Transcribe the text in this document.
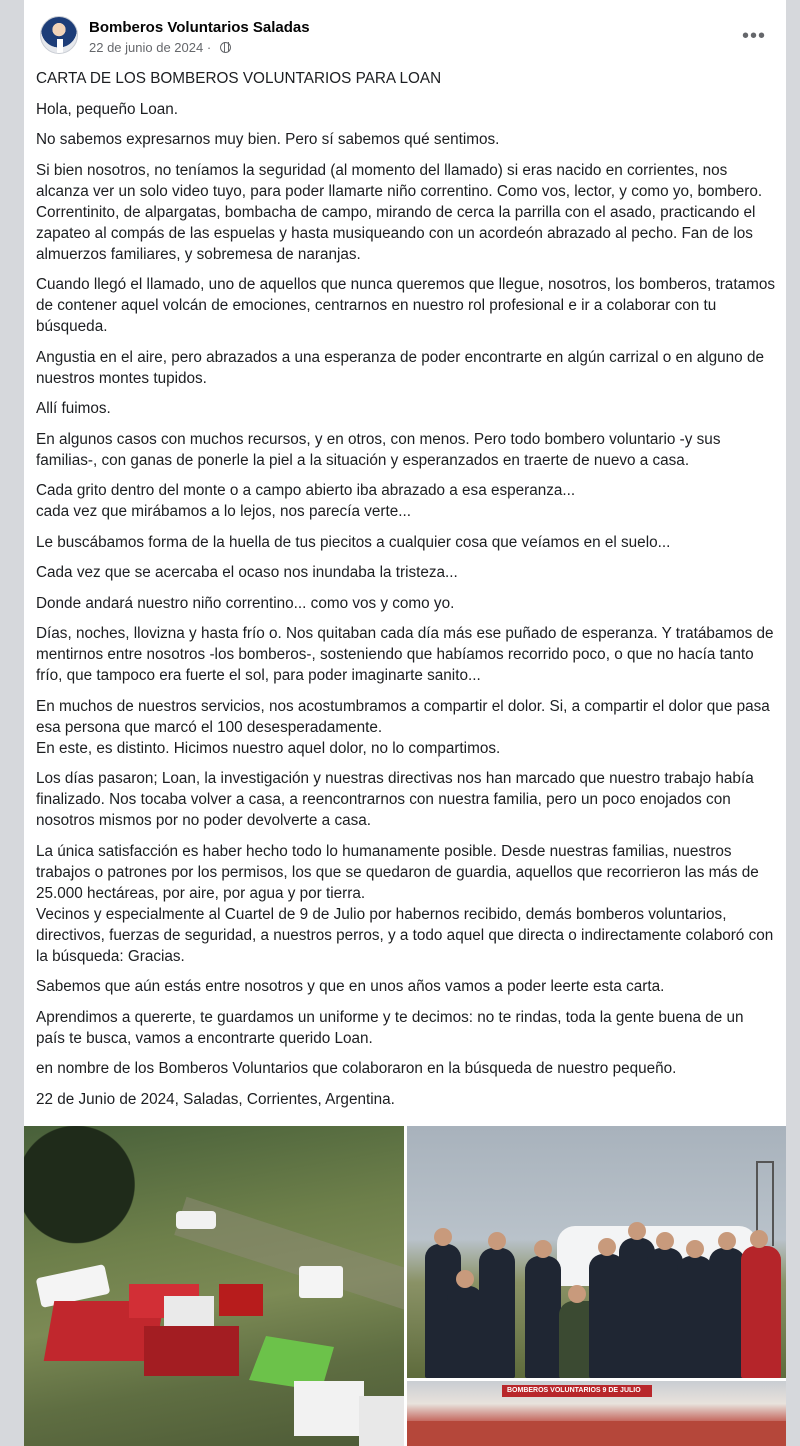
Bomberos Voluntarios Saladas
22 de junio de 2024 ·
•••

CARTA DE LOS BOMBEROS VOLUNTARIOS PARA LOAN

Hola, pequeño Loan.

No sabemos expresarnos muy bien. Pero sí sabemos qué sentimos.

Si bien nosotros, no teníamos la seguridad (al momento del llamado) si eras nacido en corrientes, nos alcanza ver un solo video tuyo, para poder llamarte niño correntino. Como vos, lector, y como yo, bombero. Correntinito, de alpargatas, bombacha de campo, mirando de cerca la parrilla con el asado, practicando el zapateo al compás de las espuelas y hasta musiqueando con un acordeón abrazado al pecho. Fan de los almuerzos familiares, y sobremesa de naranjas.

Cuando llegó el llamado, uno de aquellos que nunca queremos que llegue, nosotros, los bomberos, tratamos de contener aquel volcán de emociones, centrarnos en nuestro rol profesional e ir a colaborar con tu búsqueda.

Angustia en el aire, pero abrazados a una esperanza de poder encontrarte en algún carrizal o en alguno de nuestros montes tupidos.

Allí fuimos.

En algunos casos con muchos recursos, y en otros, con menos. Pero todo bombero voluntario -y sus familias-, con ganas de ponerle la piel a la situación y esperanzados en traerte de nuevo a casa.

Cada grito dentro del monte o a campo abierto iba abrazado a esa esperanza...
cada vez que mirábamos a lo lejos, nos parecía verte...

Le buscábamos forma de la huella de tus piecitos a cualquier cosa que veíamos en el suelo...

Cada vez que se acercaba el ocaso nos inundaba la tristeza...

Donde andará nuestro niño correntino... como vos y como yo.

Días, noches, llovizna y hasta frío o. Nos quitaban cada día más ese puñado de esperanza. Y tratábamos de mentirnos entre nosotros -los bomberos-, sosteniendo que habíamos recorrido poco, o que no hacía tanto frío, que tampoco era fuerte el sol, para poder imaginarte sanito...

En muchos de nuestros servicios, nos acostumbramos a compartir el dolor. Si, a compartir el dolor que pasa esa persona que marcó el 100 desesperadamente.
En este, es distinto. Hicimos nuestro aquel dolor, no lo compartimos.

Los días pasaron; Loan, la investigación y nuestras directivas nos han marcado que nuestro trabajo había finalizado. Nos tocaba volver a casa, a reencontrarnos con nuestra familia, pero un poco enojados con nosotros mismos por no poder devolverte a casa.

La única satisfacción es haber hecho todo lo humanamente posible. Desde nuestras familias, nuestros trabajos o patrones por los permisos, los que se quedaron de guardia, aquellos que recorrieron las más de 25.000 hectáreas, por aire, por agua y por tierra.
Vecinos y especialmente al Cuartel de 9 de Julio por habernos recibido, demás bomberos voluntarios, directivos, fuerzas de seguridad, a nuestros perros, y a todo aquel que directa o indirectamente colaboró con la búsqueda: Gracias.

Sabemos que aún estás entre nosotros y que en unos años vamos a poder leerte esta carta.

Aprendimos a quererte, te guardamos un uniforme y te decimos: no te rindas, toda la gente buena de un país te busca, vamos a encontrarte querido Loan.

en nombre de los Bomberos Voluntarios que colaboraron en la búsqueda de nuestro pequeño.

22 de Junio de 2024, Saladas, Corrientes, Argentina.

BOMBEROS VOLUNTARIOS 9 DE JULIO
